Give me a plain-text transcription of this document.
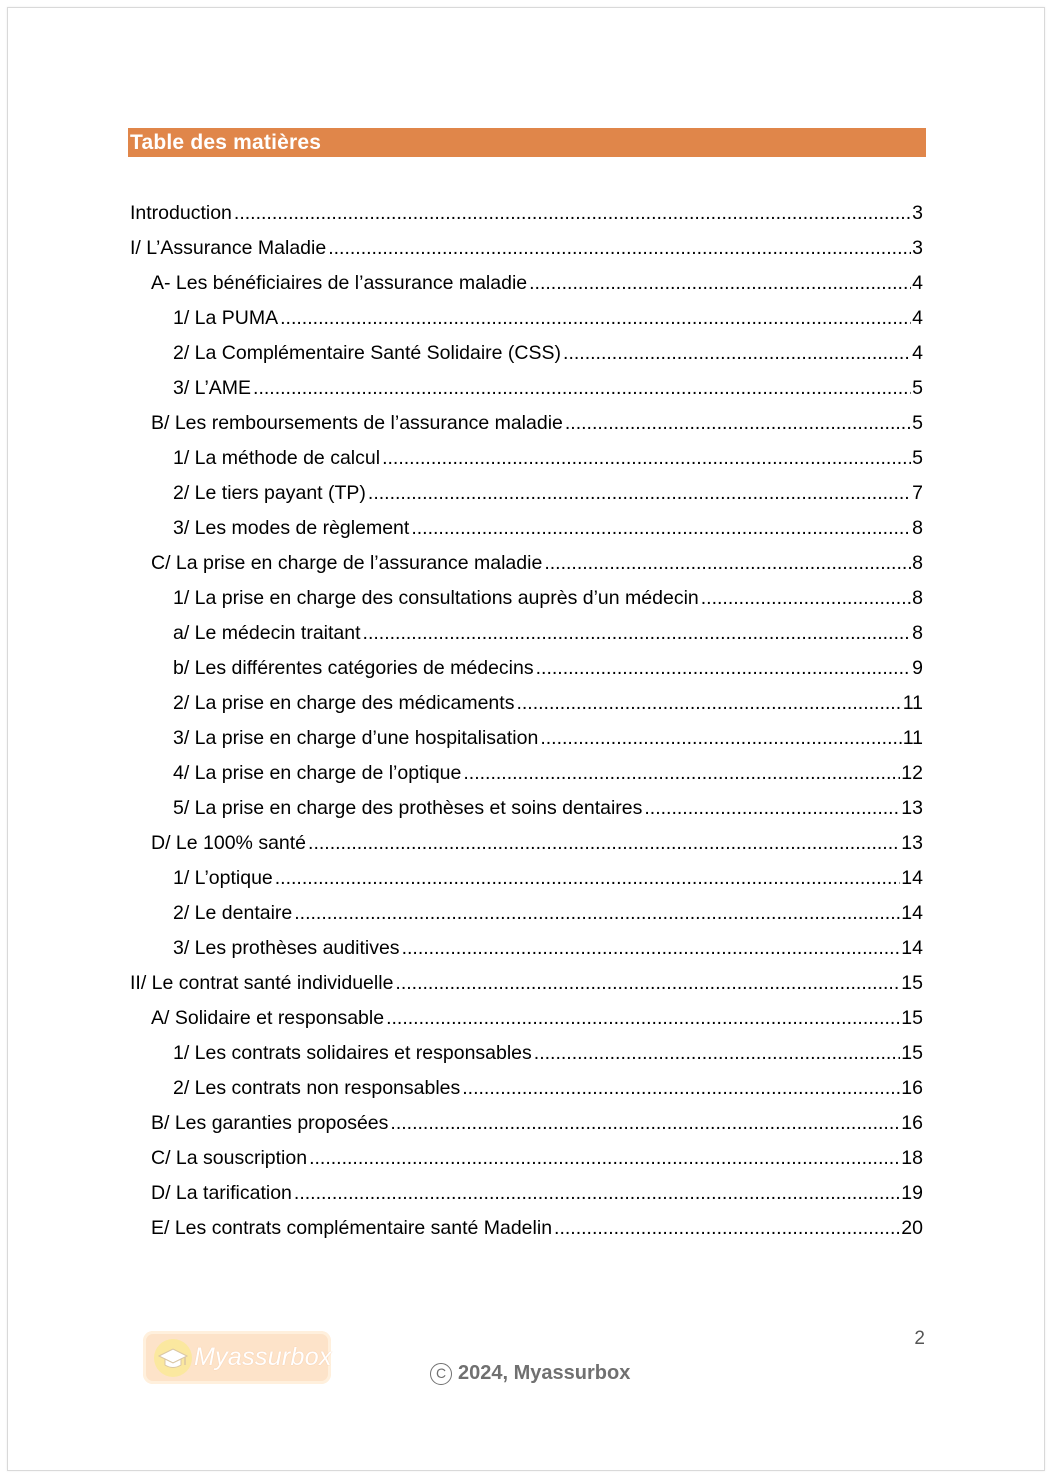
Table des matières
Introduction .....	3
I/ L’Assurance Maladie .....	3
A- Les bénéficiaires de l’assurance maladie .....	4
1/ La PUMA .....	4
2/ La Complémentaire Santé Solidaire (CSS) .....	4
3/ L’AME .....	5
B/ Les remboursements de l’assurance maladie .....	5
1/ La méthode de calcul .....	5
2/ Le tiers payant (TP) .....	7
3/ Les modes de règlement .....	8
C/ La prise en charge de l’assurance maladie .....	8
1/ La prise en charge des consultations auprès d’un médecin .....	8
a/ Le médecin traitant .....	8
b/ Les différentes catégories de médecins .....	9
2/ La prise en charge des médicaments .....	11
3/ La prise en charge d’une hospitalisation .....	11
4/ La prise en charge de l’optique .....	12
5/ La prise en charge des prothèses et soins dentaires .....	13
D/ Le 100% santé .....	13
1/ L’optique .....	14
2/ Le dentaire .....	14
3/ Les prothèses auditives .....	14
II/ Le contrat santé individuelle .....	15
A/ Solidaire et responsable .....	15
1/ Les contrats solidaires et responsables .....	15
2/ Les contrats non responsables .....	16
B/ Les garanties proposées .....	16
C/ La souscription .....	18
D/ La tarification .....	19
E/ Les contrats complémentaire santé Madelin .....	20
2
Myassurbox
C 2024, Myassurbox
